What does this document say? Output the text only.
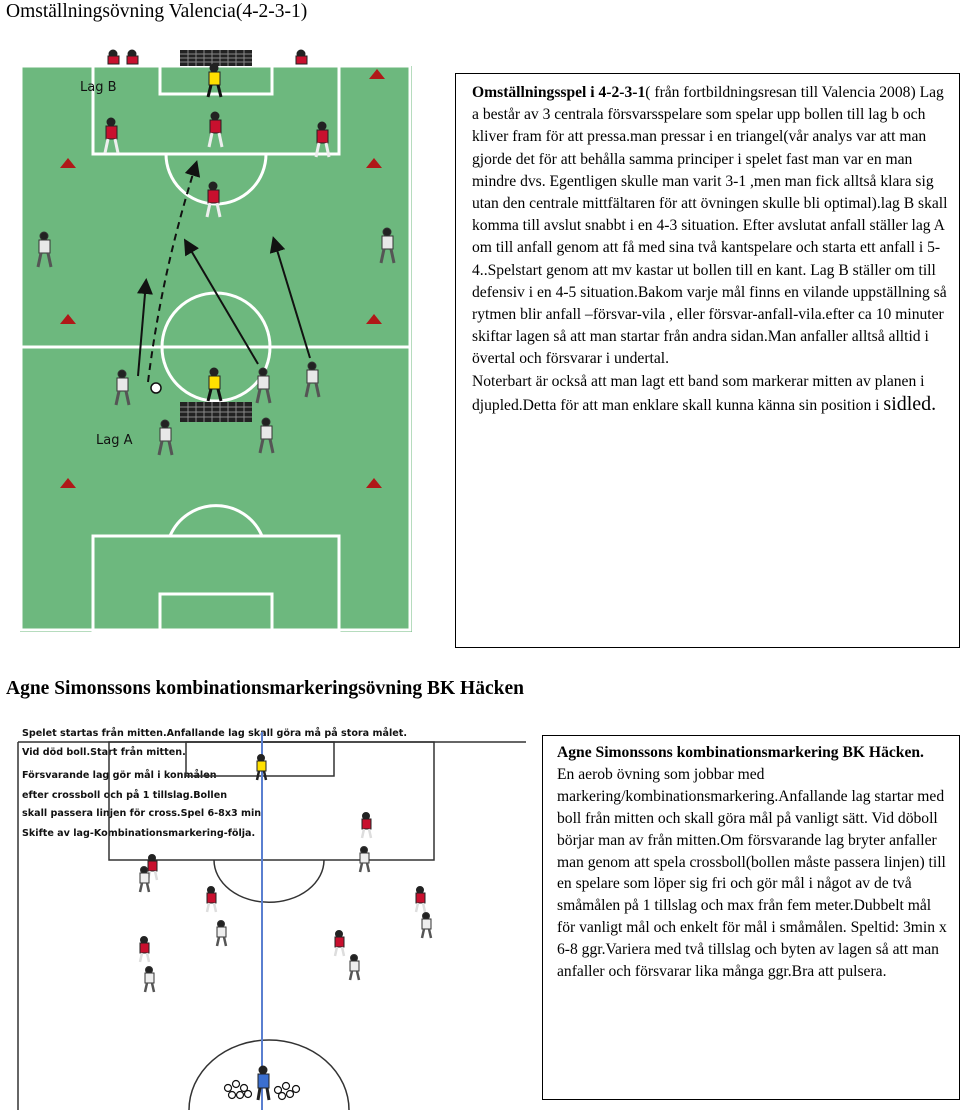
Omställningsövning Valencia(4-2-3-1)
Lag B
Lag A

Omställningsspel i 4-2-3-1( från fortbildningsresan till Valencia 2008) Lag a består av 3 centrala försvarsspelare som spelar upp bollen till lag b och kliver fram för att pressa.man pressar i en triangel(vår analys var att man gjorde det för att behålla samma principer i spelet fast man var en man mindre dvs. Egentligen skulle man varit 3-1 ,men man fick alltså klara sig utan den centrale mittfältaren för att övningen skulle bli optimal).lag B skall komma till avslut snabbt i en 4-3 situation. Efter avslutat anfall ställer lag A om till anfall genom att få med sina två kantspelare och starta ett anfall i 5-4..Spelstart genom att mv kastar ut bollen till en kant. Lag B ställer om till defensiv i en 4-5 situation.Bakom varje mål finns en vilande uppställning så rytmen blir anfall –försvar-vila , eller försvar-anfall-vila.efter ca 10 minuter skiftar lagen så att man startar från andra sidan.Man anfaller alltså alltid i övertal och försvarar i undertal.

Noterbart är också att man lagt ett band som markerar mitten av planen i djupled.Detta för att man enklare skall kunna känna sin position i sidled.

Agne Simonssons kombinationsmarkeringsövning BK Häcken
Spelet startas från mitten.Anfallande lag skall göra må på stora målet.
Vid död boll.Start från mitten.
Försvarande lag gör mål i konmålen
efter crossboll och på 1 tillslag.Bollen
skall passera linjen för cross.Spel 6-8x3 min
Skifte av lag-Kombinationsmarkering-följa.

Agne Simonssons kombinationsmarkering BK Häcken.
En aerob övning som jobbar med markering/kombinationsmarkering.Anfallande lag startar med boll från mitten och skall göra mål på vanligt sätt. Vid döboll börjar man av från mitten.Om försvarande lag bryter anfaller man genom att spela crossboll(bollen måste passera linjen) till en spelare som löper sig fri och gör mål i något av de två småmålen på 1 tillslag och max från fem meter.Dubbelt mål för vanligt mål och enkelt för mål i småmålen. Speltid: 3min x 6-8 ggr.Variera med två tillslag och byten av lagen så att man anfaller och försvarar lika många ggr.Bra att pulsera.
